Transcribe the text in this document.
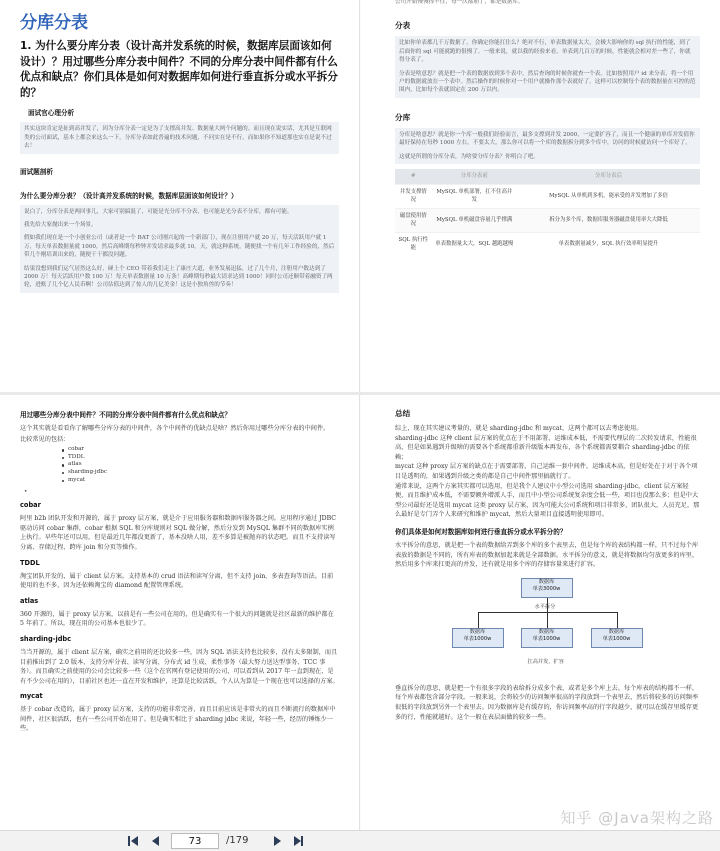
分库分表
1. 为什么要分库分表（设计高并发系统的时候，数据库层面该如何设计）？用过哪些分库分表中间件？不同的分库分表中间件都有什么优点和缺点？你们具体是如何对数据库如何进行垂直拆分或水平拆分的？
面试官心理分析
其实这块肯定是扯到高并发了，因为分库分表一定是为了支撑高并发、数据量大两个问题的。而且现在说实话，尤其是互联网类的公司面试，基本上都会来这么一下，分库分表如此普遍的技术问题，不问实在是不行，而如果你不知道那也实在是说不过去！
面试题剖析
为什么要分库分表？（设计高并发系统的时候，数据库层面该如何设计？）
说白了，分库分表是两回事儿，大家可别搞混了，可能是光分库不分表，也可能是光分表不分库，都有可能。
我先给大家抛出来一个场景。
假如我们现在是一个小创业公司（或者是一个 BAT 公司刚兴起的一个新部门），现在注册用户就 20 万，每天活跃用户就 1 万，每天单表数据量就 1000，然后高峰期每秒钟并发请求最多就 10。天，就这种系统，随便找一个有几年工作经验的，然后带几个刚培训出来的，随便干干都没问题。
结果没想到我们运气居然这么好，碰上个 CEO 带着我们走上了康庄大道，业务发展迅猛，过了几个月，注册用户数达到了 2000 万！每天活跃用户数 100 万！每天单表数据量 10 万条！高峰期每秒最大请求达到 1000！同时公司还顺带着融资了两轮，进账了几个亿人民币啊！公司估值达到了惊人的几亿美金！这是小独角兽的节奏！
公司开始慢慢撑不住，每一次都崩了，都是数据库。
分表
比如你单表都几千万数据了，你确定你能扛住么？绝对不行，单表数据量太大，会极大影响你的 sql 执行的性能，到了后面你的 sql 可能就跑的很慢了。一般来说，就以我的经验来看，单表到几百万的时候，性能就会相对差一些了，你就得分表了。
分表是啥意思？就是把一个表的数据放到多个表中，然后查询的时候你就查一个表。比如按照用户 id 来分表，将一个用户的数据就放在一个表中。然后操作的时候你对一个用户就操作那个表就好了。这样可以控制每个表的数据量在可控的范围内，比如每个表就固定在 200 万以内。
分库
分库是啥意思？就是你一个库一般我们经验而言，最多支撑到并发 2000，一定要扩容了，而且一个健康的单库并发值你最好保持在每秒 1000 左右，不要太大。那么你可以将一个库的数据拆分到多个库中，访问的时候就访问一个库好了。
这就是所谓的分库分表，为啥要分库分表？你明白了吧。
#	分库分表前	分库分表后
并发支撑情况	MySQL 单机部署，扛不住高并发	MySQL 从单机到多机，能承受的并发增加了多倍
磁盘使用情况	MySQL 单机磁盘容量几乎撑满	拆分为多个库，数据库服务器磁盘使用率大大降低
SQL 执行性能	单表数据量太大，SQL 越跑越慢	单表数据量减少，SQL 执行效率明显提升
用过哪些分库分表中间件？不同的分库分表中间件都有什么优点和缺点？
这个其实就是看看你了解哪些分库分表的中间件，各个中间件的优缺点是啥？然后你用过哪些分库分表的中间件。
比较常见的包括：
cobar
TDDL
atlas
sharding-jdbc
mycat
•
cobar
阿里 b2b 团队开发和开源的，属于 proxy 层方案，就是介于应用服务器和数据库服务器之间。应用程序通过 JDBC 驱动访问 cobar 集群，cobar 根据 SQL 和分库规则对 SQL 做分解，然后分发到 MySQL 集群不同的数据库实例上执行。早些年还可以用，但是最近几年都没更新了，基本没啥人用，差不多算是被抛弃的状态吧。而且不支持读写分离、存储过程、跨库 join 和分页等操作。
TDDL
淘宝团队开发的，属于 client 层方案。支持基本的 crud 语法和读写分离，但不支持 join、多表查询等语法。目前使用的也不多，因为还依赖淘宝的 diamond 配置管理系统。
atlas
360 开源的，属于 proxy 层方案，以前是有一些公司在用的，但是确实有一个很大的问题就是社区最新的维护都在 5 年前了。所以，现在用的公司基本也很少了。
sharding-jdbc
当当开源的，属于 client 层方案，确实之前用的还比较多一些，因为 SQL 语法支持也比较多，没有太多限制，而且目前推出到了 2.0 版本，支持分库分表、读写分离、分布式 id 生成、柔性事务（最大努力送达型事务、TCC 事务）。而且确实之前使用的公司会比较多一些（这个在官网有登记使用的公司，可以看到从 2017 年一直到现在，是有不少公司在用的），目前社区也还一直在开发和维护，还算是比较活跃，个人认为算是一个现在也可以选择的方案。
mycat
基于 cobar 改造的，属于 proxy 层方案，支持的功能非常完善，而且目前应该是非常火的而且不断流行的数据库中间件，社区很活跃，也有一些公司开始在用了。但是确实相比于 sharding jdbc 来说，年轻一些，经历的锤炼少一些。
总结
综上，现在其实建议考量的，就是 sharding-jdbc 和 mycat，这两个都可以去考虑使用。
sharding-jdbc 这种 client 层方案的优点在于不用部署，运维成本低，不需要代理层的二次转发请求，性能很高，但是如果遇到升级啥的需要各个系统都重新升级版本再发布，各个系统都需要耦合 sharding-jdbc 的依赖；
mycat 这种 proxy 层方案的缺点在于需要部署，自己运维一套中间件，运维成本高，但是好处在于对于各个项目是透明的，如果遇到升级之类的都是自己中间件那里搞就行了。
通常来说，这两个方案其实都可以选用，但是我个人建议中小型公司选用 sharding-jdbc，client 层方案轻便，而且维护成本低，不需要额外增派人手，而且中小型公司系统复杂度会低一些，项目也没那么多；但是中大型公司最好还是选用 mycat 这类 proxy 层方案，因为可能大公司系统和项目非常多，团队很大，人员充足，那么最好是专门弄个人来研究和维护 mycat，然后大量项目直接透明使用即可。
你们具体是如何对数据库如何进行垂直拆分或水平拆分的？
水平拆分的意思，就是把一个表的数据给弄到多个库的多个表里去，但是每个库的表结构都一样，只不过每个库表放的数据是不同的，所有库表的数据加起来就是全部数据。水平拆分的意义，就是将数据均匀放更多的库里，然后用多个库来扛更高的并发，还有就是用多个库的存储容量来进行扩容。
数据库
单表3000w
水平拆分
数据库
单表1000w
数据库
单表1000w
数据库
单表1000w
扛高并发、扩容
垂直拆分的意思，就是把一个有很多字段的表给拆分成多个表，或者是多个库上去。每个库表的结构都不一样，每个库表都包含部分字段。一般来说，会将较少的访问频率很高的字段放到一个表里去，然后将较多的访问频率很低的字段放到另外一个表里去。因为数据库是有缓存的，你访问频率高的行字段越少，就可以在缓存里缓存更多的行，性能就越好。这个一般在表层面做的较多一些。
知乎 @Java架构之路
73
/179
